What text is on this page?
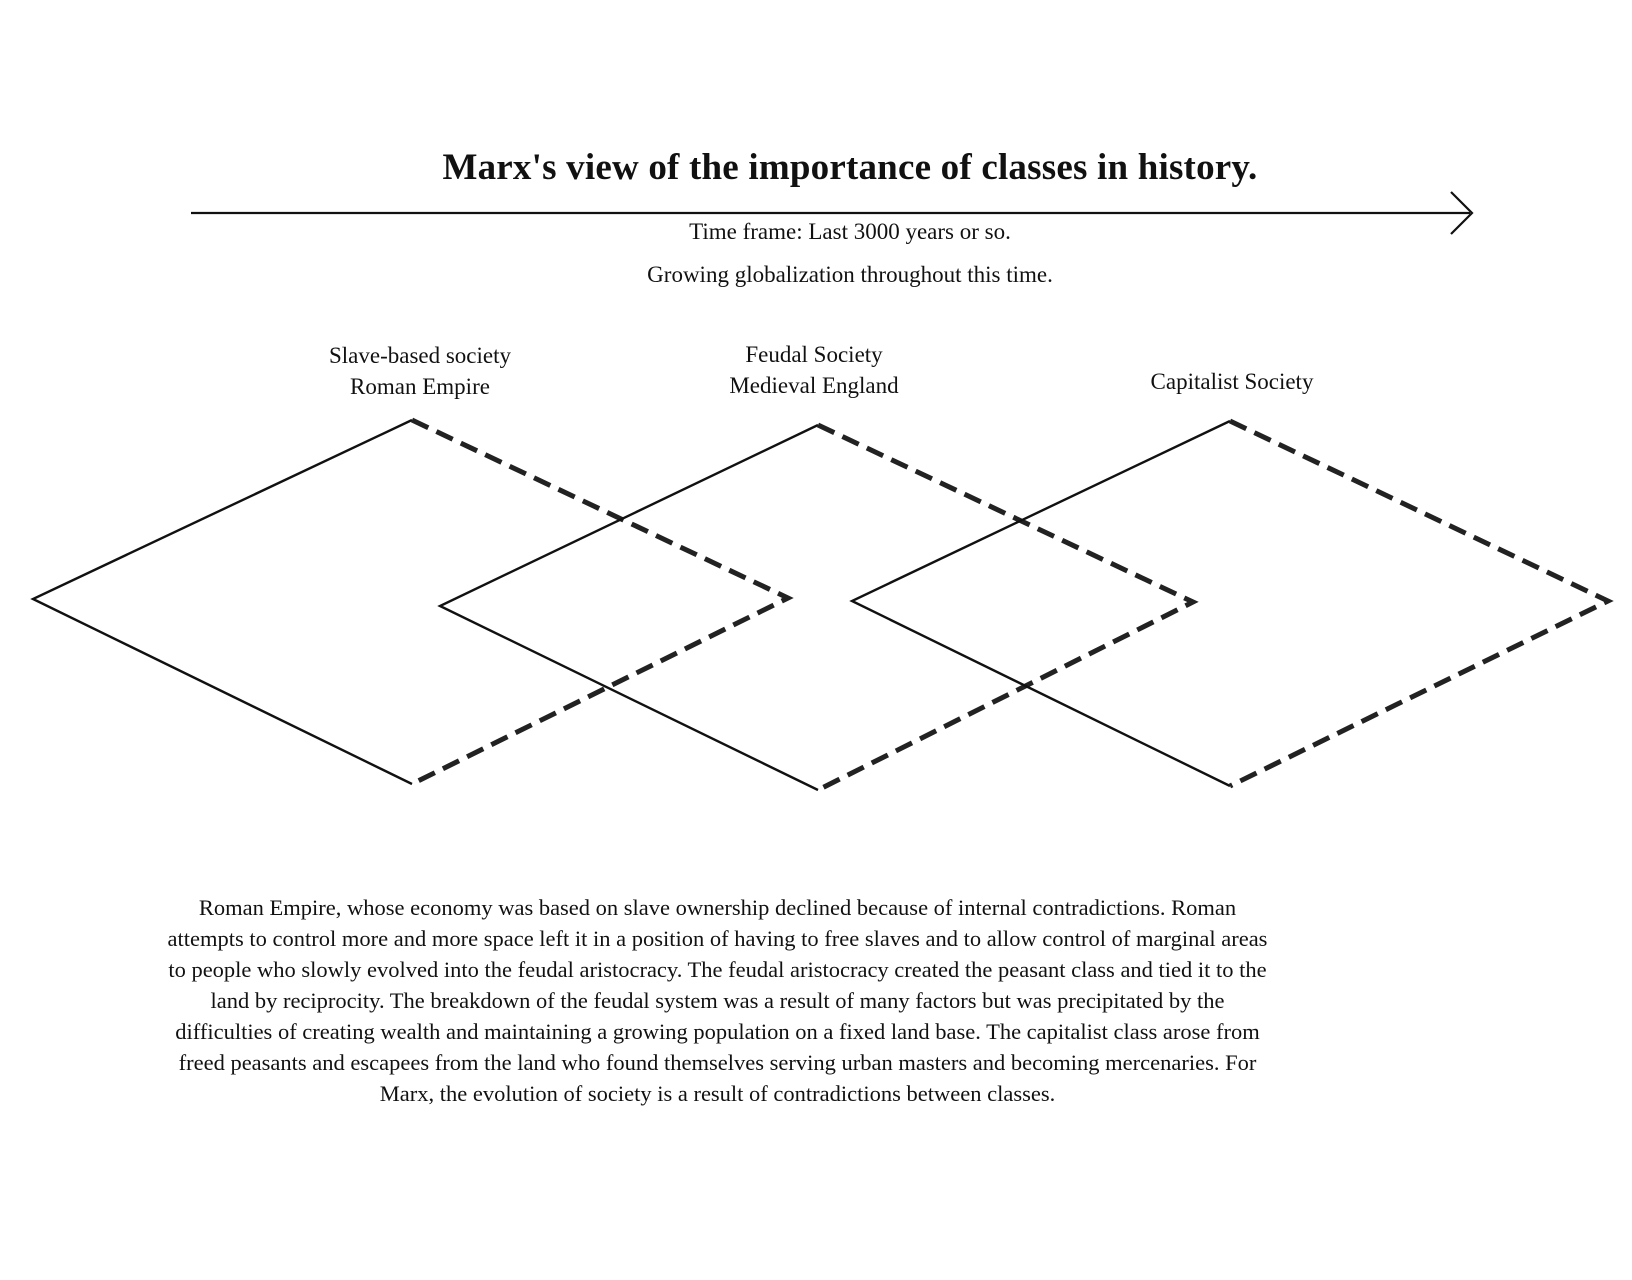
Marx's view of the importance of classes in history.
Time frame: Last 3000 years or so.
Growing globalization throughout this time.
Slave-based society
Roman Empire
Feudal Society
Medieval England	Capitalist Society
Roman Empire, whose economy was based on slave ownership declined because of internal contradictions. Roman attempts to control more and more space left it in a position of having to free slaves and to allow control of marginal areas to people who slowly evolved into the feudal aristocracy. The feudal aristocracy created the peasant class and tied it to the land by reciprocity. The breakdown of the feudal system was a result of many factors but was precipitated by the difficulties of creating wealth and maintaining a growing population on a fixed land base. The capitalist class arose from freed peasants and escapees from the land who found themselves serving urban masters and becoming mercenaries. For Marx, the evolution of society is a result of contradictions between classes.
